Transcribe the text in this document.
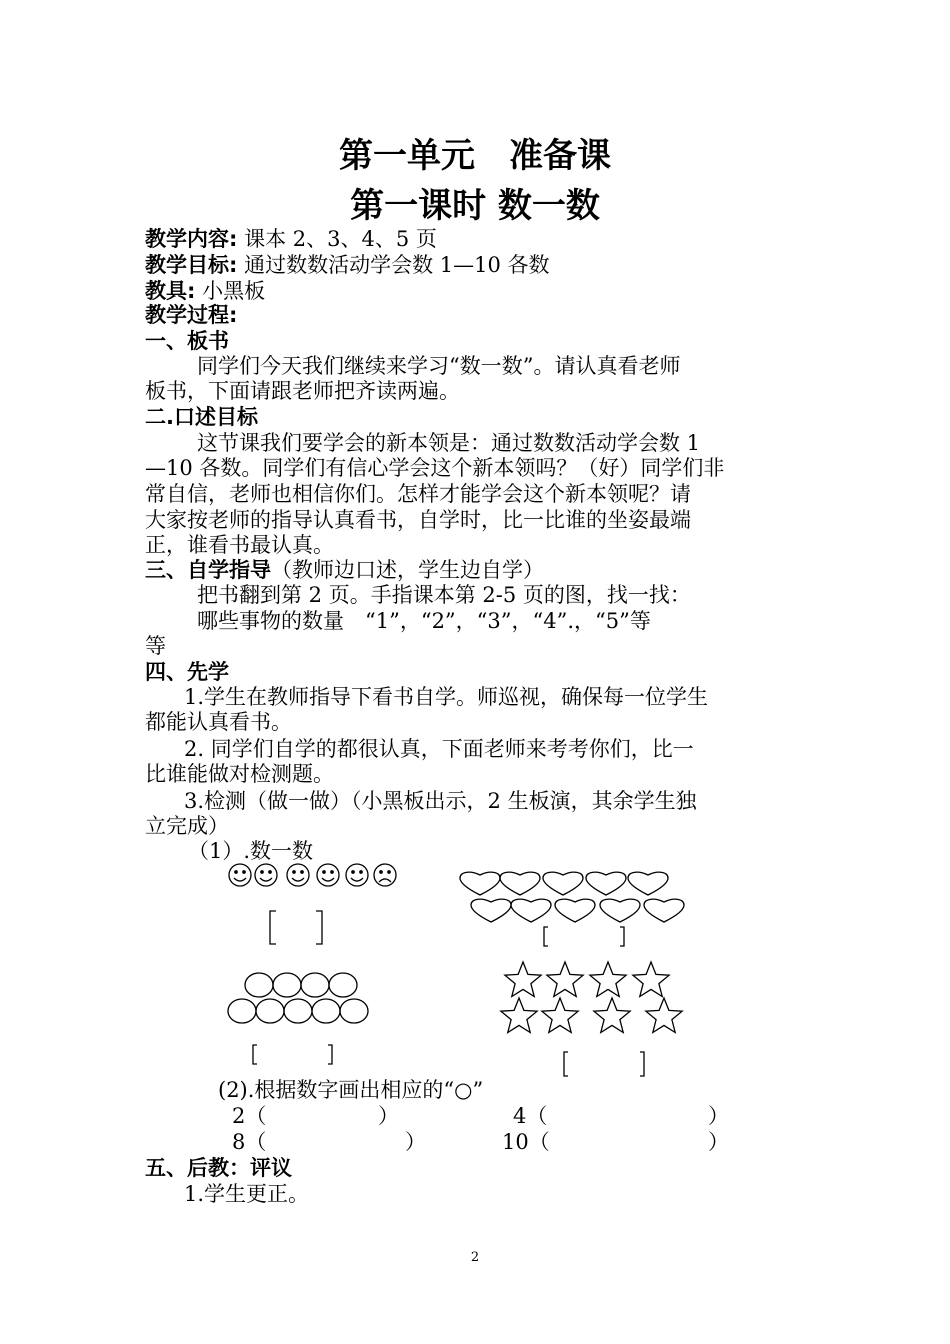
第一单元　准备课
第一课时 数一数
教学内容: 课本 2、3、4、5 页
教学目标: 通过数数活动学会数 1—10 各数
教具: 小黑板
教学过程:
一、板书
同学们今天我们继续来学习“数一数”。请认真看老师
板书，下面请跟老师把齐读两遍。
二.口述目标
这节课我们要学会的新本领是：通过数数活动学会数 1
—10 各数。同学们有信心学会这个新本领吗？（好）同学们非
常自信，老师也相信你们。怎样才能学会这个新本领呢？请
大家按老师的指导认真看书，自学时，比一比谁的坐姿最端
正，谁看书最认真。
三、自学指导（教师边口述，学生边自学）
把书翻到第 2 页。手指课本第 2-5 页的图，找一找：
哪些事物的数量　“1”，“2”，“3”，“4”.，“5”等
等
四、先学
1.学生在教师指导下看书自学。师巡视，确保每一位学生
都能认真看书。
2. 同学们自学的都很认真，下面老师来考考你们，比一
比谁能做对检测题。
3.检测（做一做）（小黑板出示，2 生板演，其余学生独
立完成）
（1）.数一数
(2).根据数字画出相应的“○”
2（	）	4（	）
8（	）	10（	）
五、后教：评议
1.学生更正。
2
